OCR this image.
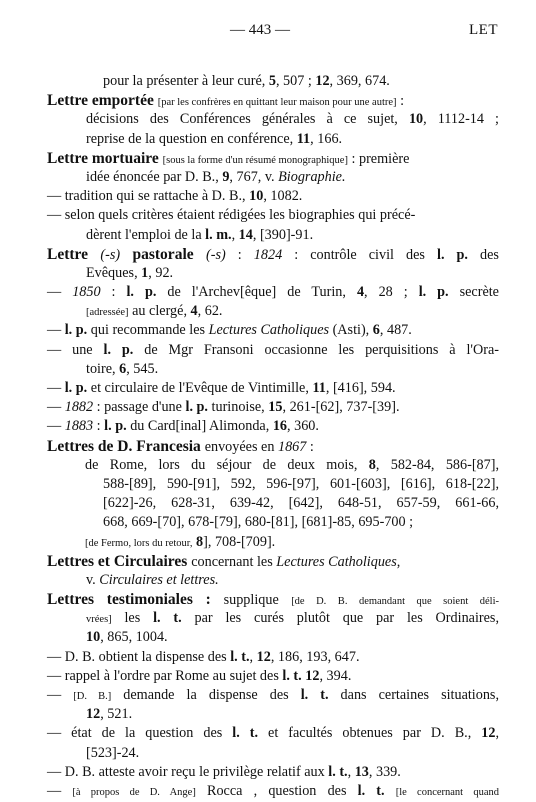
— 443 —	LET
pour la présenter à leur curé, 5, 507 ; 12, 369, 674.
Lettre emportée [par les confrères en quittant leur maison pour une autre] :
décisions des Conférences générales à ce sujet, 10, 1112-14 ;
reprise de la question en conférence, 11, 166.
Lettre mortuaire [sous la forme d'un résumé monographique] : première
idée énoncée par D. B., 9, 767, v. Biographie.
— tradition qui se rattache à D. B., 10, 1082.
— selon quels critères étaient rédigées les biographies qui précé-
dèrent l'emploi de la l. m., 14, [390]-91.
Lettre (-s) pastorale (-s) : 1824 : contrôle civil des l. p. des
Evêques, 1, 92.
— 1850 : l. p. de l'Archev[êque] de Turin, 4, 28 ; l. p. secrète
[adressée] au clergé, 4, 62.
— l. p. qui recommande les Lectures Catholiques (Asti), 6, 487.
— une l. p. de Mgr Fransoni occasionne les perquisitions à l'Ora-
toire, 6, 545.
— l. p. et circulaire de l'Evêque de Vintimille, 11, [416], 594.
— 1882 : passage d'une l. p. turinoise, 15, 261-[62], 737-[39].
— 1883 : l. p. du Card[inal] Alimonda, 16, 360.
Lettres de D. Francesia envoyées en 1867 :
de Rome, lors du séjour de deux mois, 8, 582-84, 586-[87],
588-[89], 590-[91], 592, 596-[97], 601-[603], [616], 618-[22],
[622]-26, 628-31, 639-42, [642], 648-51, 657-59, 661-66,
668, 669-[70], 678-[79], 680-[81], [681]-85, 695-700 ;
[de Fermo, lors du retour, 8], 708-[709].
Lettres et Circulaires concernant les Lectures Catholiques,
v. Circulaires et lettres.
Lettres testimoniales : supplique [de D. B. demandant que soient déli-
vrées] les l. t. par les curés plutôt que par les Ordinaires,
10, 865, 1004.
— D. B. obtient la dispense des l. t., 12, 186, 193, 647.
— rappel à l'ordre par Rome au sujet des l. t. 12, 394.
— [D. B.] demande la dispense des l. t. dans certaines situations,
12, 521.
— état de la question des l. t. et facultés obtenues par D. B., 12,
[523]-24.
— D. B. atteste avoir reçu le privilège relatif aux l. t., 13, 339.
— [à propos de D. Ange] Rocca , question des l. t. [le concernant quand
